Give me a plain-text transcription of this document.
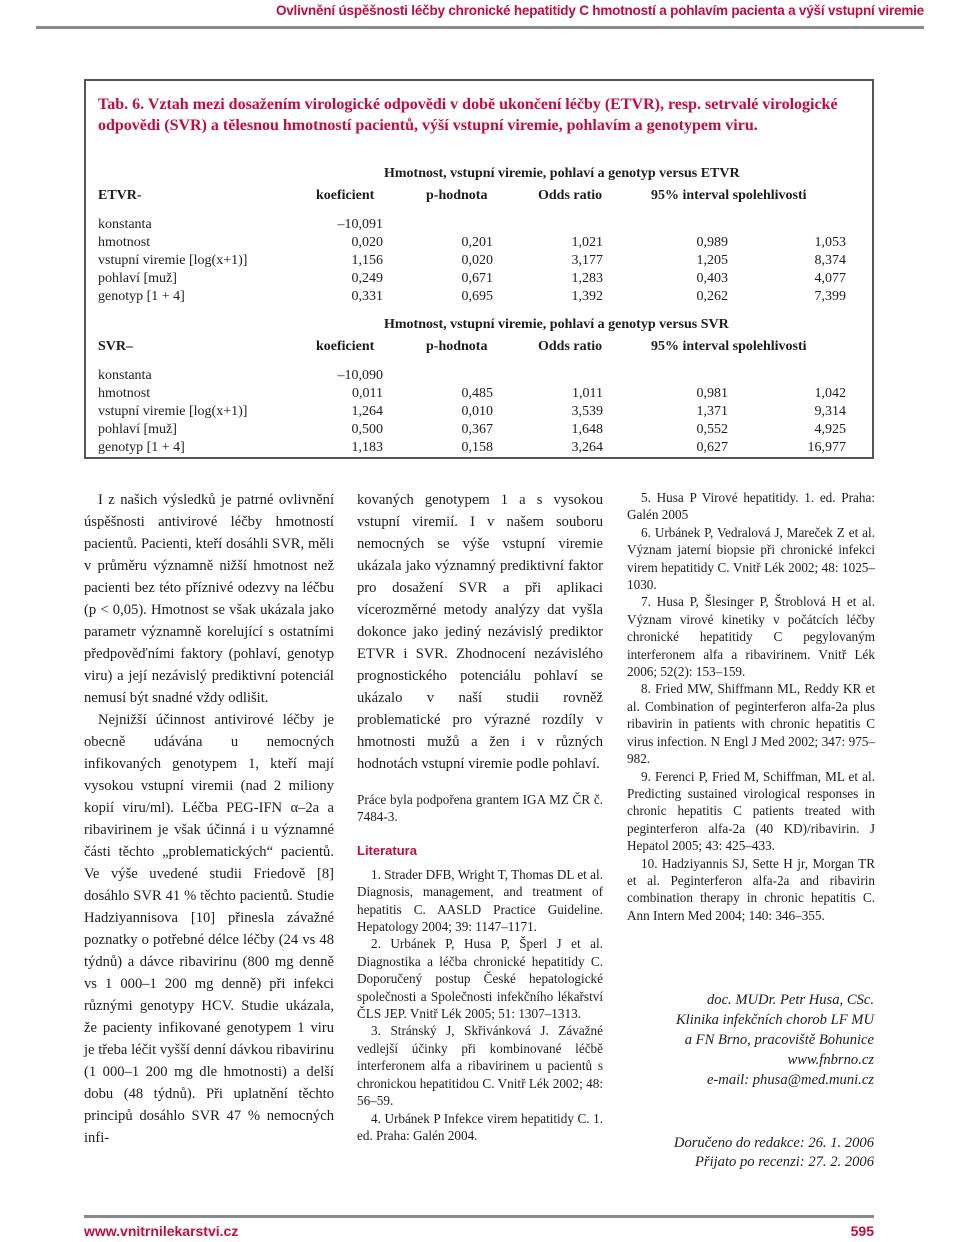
Ovlivnění úspěšnosti léčby chronické hepatitidy C hmotností a pohlavím pacienta a výší vstupní viremie
Tab. 6. Vztah mezi dosažením virologické odpovědi v době ukončení léčby (ETVR), resp. setrvalé virologické odpovědi (SVR) a tělesnou hmotností pacientů, výší vstupní viremie, pohlavím a genotypem viru.
Hmotnost, vstupní viremie, pohlaví a genotyp versus ETVR
ETVR-	koeficient	p-hodnota	Odds ratio	95% interval spolehlivosti
konstanta	–10,091
hmotnost	0,020	0,201	1,021	0,989	1,053
vstupní viremie [log(x+1)]	1,156	0,020	3,177	1,205	8,374
pohlaví [muž]	0,249	0,671	1,283	0,403	4,077
genotyp [1 + 4]	0,331	0,695	1,392	0,262	7,399
Hmotnost, vstupní viremie, pohlaví a genotyp versus SVR
SVR–	koeficient	p-hodnota	Odds ratio	95% interval spolehlivosti
konstanta	–10,090
hmotnost	0,011	0,485	1,011	0,981	1,042
vstupní viremie [log(x+1)]	1,264	0,010	3,539	1,371	9,314
pohlaví [muž]	0,500	0,367	1,648	0,552	4,925
genotyp [1 + 4]	1,183	0,158	3,264	0,627	16,977

I z našich výsledků je patrné ovlivnění úspěšnosti antivirové léčby hmotností pacientů. Pacienti, kteří dosáhli SVR, měli v průměru významně nižší hmotnost než pacienti bez této příznivé odezvy na léčbu (p < 0,05). Hmotnost se však ukázala jako parametr významně korelující s ostatními předpověďními faktory (pohlaví, genotyp viru) a její nezávislý prediktivní potenciál nemusí být snadné vždy odlišit.

Nejnižší účinnost antivirové léčby je obecně udávána u nemocných infikovaných genotypem 1, kteří mají vysokou vstupní viremii (nad 2 miliony kopií viru/ml). Léčba PEG-IFN α–2a a ribavirinem je však účinná i u významné části těchto „problematických“ pacientů. Ve výše uvedené studii Friedově [8] dosáhlo SVR 41 % těchto pacientů. Studie Hadziyannisova [10] přinesla závažné poznatky o potřebné délce léčby (24 vs 48 týdnů) a dávce ribavirinu (800 mg denně vs 1 000–1 200 mg denně) při infekci různými genotypy HCV. Studie ukázala, že pacienty infikované genotypem 1 viru je třeba léčit vyšší denní dávkou ribavirinu (1 000–1 200 mg dle hmotnosti) a delší dobu (48 týdnů). Při uplatnění těchto principů dosáhlo SVR 47 % nemocných infi-

kovaných genotypem 1 a s vysokou vstupní viremií. I v našem souboru nemocných se výše vstupní viremie ukázala jako významný prediktivní faktor pro dosažení SVR a při aplikaci vícerozměrné metody analýzy dat vyšla dokonce jako jediný nezávislý prediktor ETVR i SVR. Zhodnocení nezávislého prognostického potenciálu pohlaví se ukázalo v naší studii rovněž problematické pro výrazné rozdíly v hmotnosti mužů a žen i v různých hodnotách vstupní viremie podle pohlaví.
Práce byla podpořena grantem IGA MZ ČR č. 7484-3.
Literatura

1. Strader DFB, Wright T, Thomas DL et al. Diagnosis, management, and treatment of hepatitis C. AASLD Practice Guideline. Hepatology 2004; 39: 1147–1171.

2. Urbánek P, Husa P, Šperl J et al. Diagnostika a léčba chronické hepatitidy C. Doporučený postup České hepatologické společnosti a Společnosti infekčního lékařství ČLS JEP. Vnitř Lék 2005; 51: 1307–1313.

3. Stránský J, Skřivánková J. Závažné vedlejší účinky při kombinované léčbě interferonem alfa a ribavirinem u pacientů s chronickou hepatitidou C. Vnitř Lék 2002; 48: 56–59.

4. Urbánek P Infekce virem hepatitidy C. 1. ed. Praha: Galén 2004.

5. Husa P Virové hepatitidy. 1. ed. Praha: Galén 2005

6. Urbánek P, Vedralová J, Mareček Z et al. Význam jaterní biopsie při chronické infekci virem hepatitidy C. Vnitř Lék 2002; 48: 1025–1030.

7. Husa P, Šlesinger P, Štroblová H et al. Význam virové kinetiky v počátcích léčby chronické hepatitidy C pegylovaným interferonem alfa a ribavirinem. Vnitř Lék 2006; 52(2): 153–159.

8. Fried MW, Shiffmann ML, Reddy KR et al. Combination of peginterferon alfa-2a plus ribavirin in patients with chronic hepatitis C virus infection. N Engl J Med 2002; 347: 975–982.

9. Ferenci P, Fried M, Schiffman, ML et al. Predicting sustained virological responses in chronic hepatitis C patients treated with peginterferon alfa-2a (40 KD)/ribavirin. J Hepatol 2005; 43: 425–433.

10. Hadziyannis SJ, Sette H jr, Morgan TR et al. Peginterferon alfa-2a and ribavirin combination therapy in chronic hepatitis C. Ann Intern Med 2004; 140: 346–355.

doc. MUDr. Petr Husa, CSc.
Klinika infekčních chorob LF MU
a FN Brno, pracoviště Bohunice
www.fnbrno.cz
e-mail: phusa@med.muni.cz
Doručeno do redakce: 26. 1. 2006
Přijato po recenzi: 27. 2. 2006
www.vnitrnilekarstvi.cz	595
